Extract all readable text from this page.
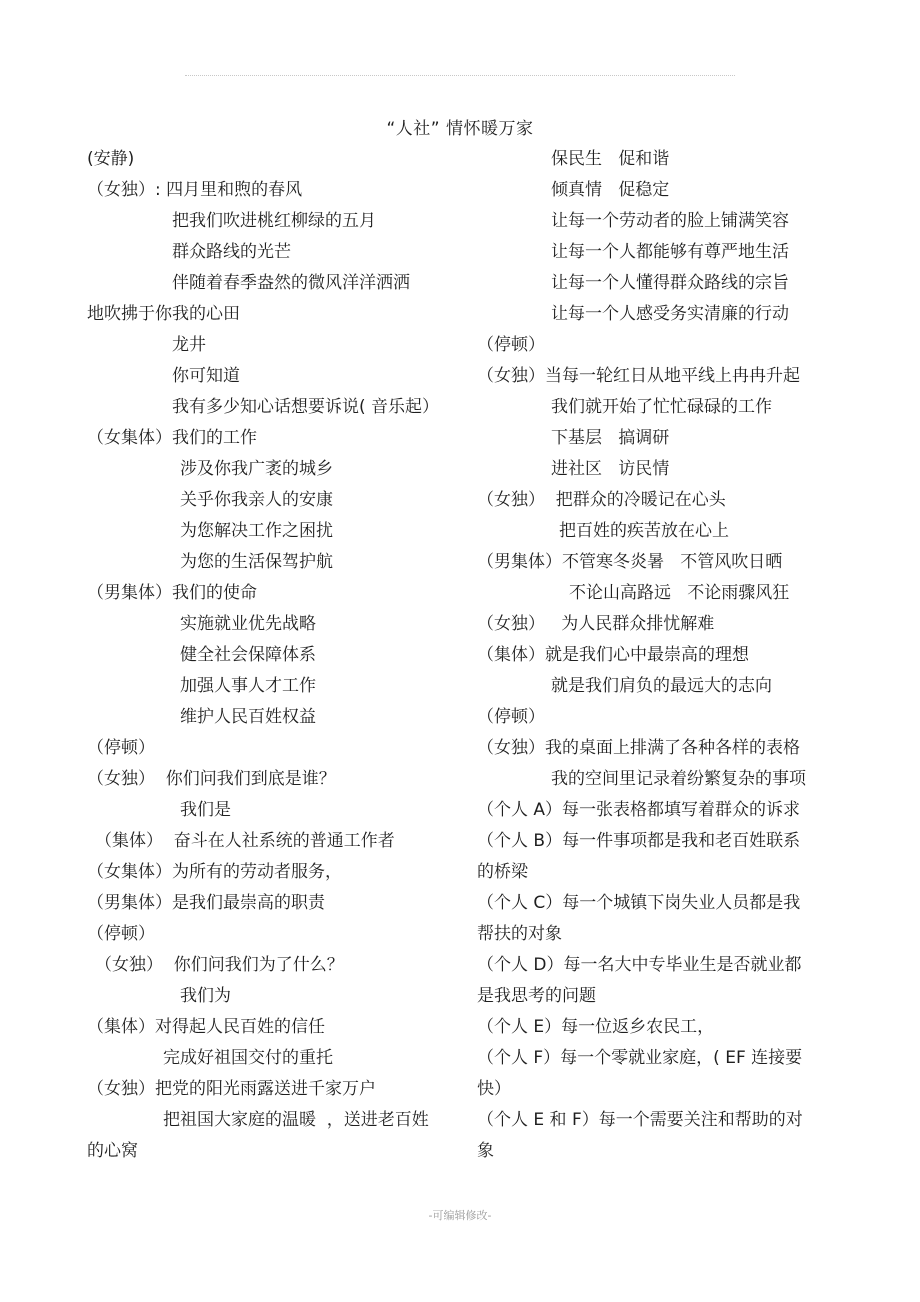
“人社” 情怀暖万家
(安静)
（女独）: 四月里和煦的春风
把我们吹进桃红柳绿的五月
群众路线的光芒
伴随着春季盎然的微风洋洋洒洒
地吹拂于你我的心田
龙井
你可知道
我有多少知心话想要诉说( 音乐起）
（女集体）我们的工作
涉及你我广袤的城乡
关乎你我亲人的安康
为您解决工作之困扰
为您的生活保驾护航
（男集体）我们的使命
实施就业优先战略
健全社会保障体系
加强人事人才工作
维护人民百姓权益
（停顿）
（女独）  你们问我们到底是谁？
我们是
（集体）  奋斗在人社系统的普通工作者
（女集体）为所有的劳动者服务，
（男集体）是我们最崇高的职责
（停顿）
（女独）  你们问我们为了什么？
我们为
（集体）对得起人民百姓的信任
完成好祖国交付的重托
（女独）把党的阳光雨露送进千家万户
把祖国大家庭的温暖  ，送进老百姓
的心窝
保民生   促和谐
倾真情   促稳定
让每一个劳动者的脸上铺满笑容
让每一个人都能够有尊严地生活
让每一个人懂得群众路线的宗旨
让每一个人感受务实清廉的行动
（停顿）
（女独）当每一轮红日从地平线上冉冉升起
我们就开始了忙忙碌碌的工作
下基层   搞调研
进社区   访民情
（女独）  把群众的冷暖记在心头
把百姓的疾苦放在心上
（男集体）不管寒冬炎暑   不管风吹日晒
不论山高路远   不论雨骤风狂
（女独）   为人民群众排忧解难
（集体）就是我们心中最崇高的理想
就是我们肩负的最远大的志向
（停顿）
（女独）我的桌面上排满了各种各样的表格
我的空间里记录着纷繁复杂的事项
（个人 A）每一张表格都填写着群众的诉求
（个人 B）每一件事项都是我和老百姓联系
的桥梁
（个人 C）每一个城镇下岗失业人员都是我
帮扶的对象
（个人 D）每一名大中专毕业生是否就业都
是我思考的问题
（个人 E）每一位返乡农民工，
（个人 F）每一个零就业家庭，( EF 连接要
快）
（个人 E 和 F）每一个需要关注和帮助的对
象
-可编辑修改-
